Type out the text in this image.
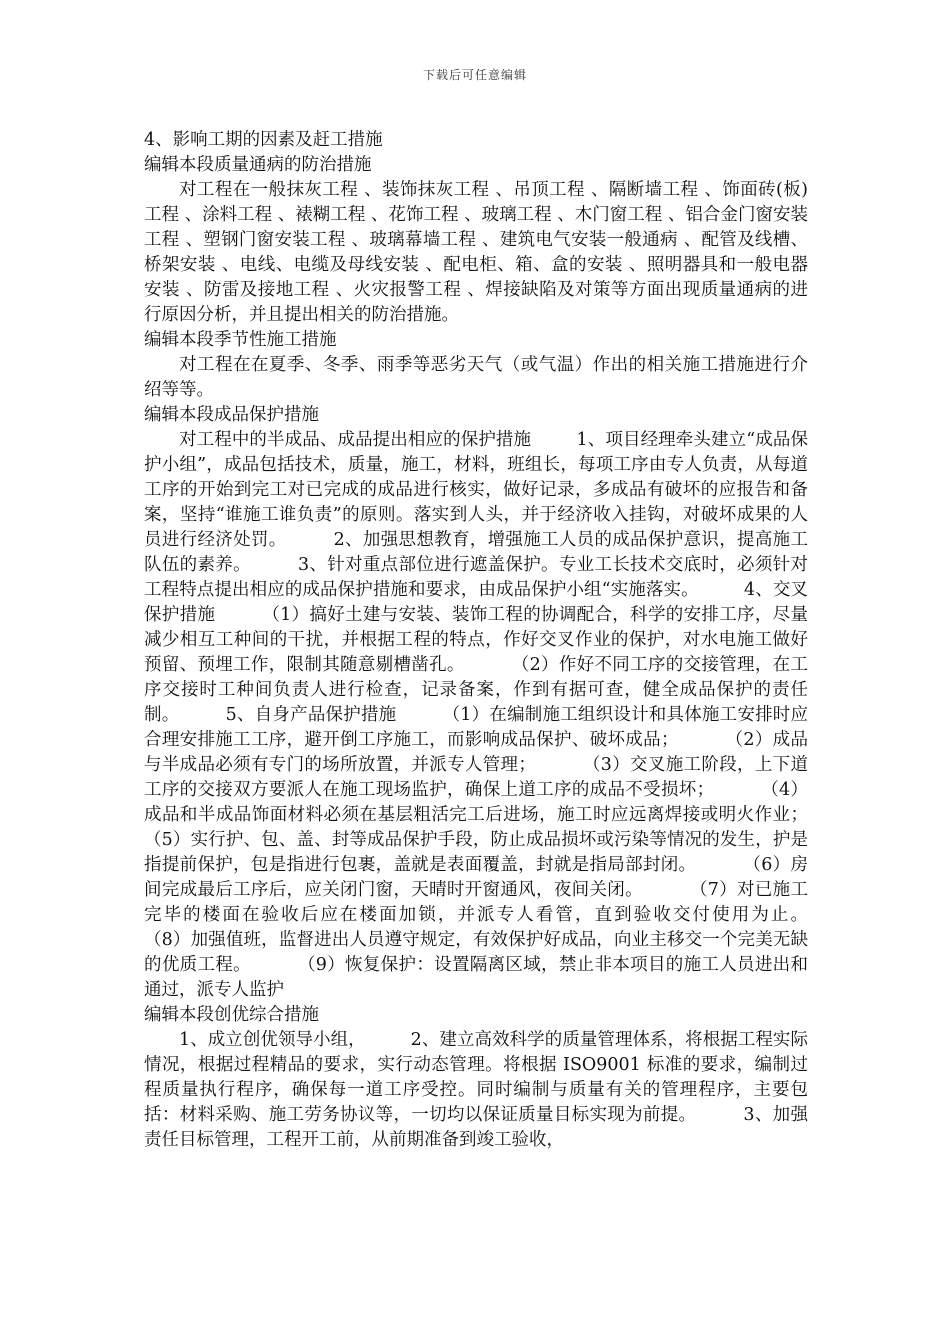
下载后可任意编辑

4、影响工期的因素及赶工措施

编辑本段质量通病的防治措施

对工程在一般抹灰工程 、装饰抹灰工程 、吊顶工程 、隔断墙工程 、饰面砖(板)工程 、涂料工程 、裱糊工程 、花饰工程 、玻璃工程 、木门窗工程 、铝合金门窗安装工程 、塑钢门窗安装工程 、玻璃幕墙工程 、建筑电气安装一般通病 、配管及线槽、桥架安装 、电线、电缆及母线安装 、配电柜、箱、盒的安装 、照明器具和一般电器安装 、防雷及接地工程 、火灾报警工程 、焊接缺陷及对策等方面出现质量通病的进行原因分析，并且提出相关的防治措施。

编辑本段季节性施工措施

对工程在在夏季、冬季、雨季等恶劣天气（或气温）作出的相关施工措施进行介绍等等。

编辑本段成品保护措施

对工程中的半成品、成品提出相应的保护措施        1、项目经理牵头建立“成品保护小组”，成品包括技术，质量，施工，材料，班组长，每项工序由专人负责，从每道工序的开始到完工对已完成的成品进行核实，做好记录，多成品有破坏的应报告和备案，坚持“谁施工谁负责”的原则。落实到人头，并于经济收入挂钩，对破坏成果的人员进行经济处罚。        2、加强思想教育，增强施工人员的成品保护意识，提高施工队伍的素养。        3、针对重点部位进行遮盖保护。专业工长技术交底时，必须针对工程特点提出相应的成品保护措施和要求，由成品保护小组“实施落实。        4、交叉保护措施        （1）搞好土建与安装、装饰工程的协调配合，科学的安排工序，尽量减少相互工种间的干扰，并根据工程的特点，作好交叉作业的保护，对水电施工做好预留、预埋工作，限制其随意剔槽凿孔。        （2）作好不同工序的交接管理，在工序交接时工种间负责人进行检查，记录备案，作到有据可查，健全成品保护的责任制。        5、自身产品保护措施        （1）在编制施工组织设计和具体施工安排时应合理安排施工工序，避开倒工序施工，而影响成品保护、破坏成品；        （2）成品与半成品必须有专门的场所放置，并派专人管理；        （3）交叉施工阶段，上下道工序的交接双方要派人在施工现场监护，确保上道工序的成品不受损坏；        （4）成品和半成品饰面材料必须在基层粗活完工后进场，施工时应远离焊接或明火作业；        （5）实行护、包、盖、封等成品保护手段，防止成品损坏或污染等情况的发生，护是指提前保护，包是指进行包裹，盖就是表面覆盖，封就是指局部封闭。        （6）房间完成最后工序后，应关闭门窗，天晴时开窗通风，夜间关闭。        （7）对已施工完毕的楼面在验收后应在楼面加锁，并派专人看管，直到验收交付使用为止。        （8）加强值班，监督进出人员遵守规定，有效保护好成品，向业主移交一个完美无缺的优质工程。        （9）恢复保护：设置隔离区域，禁止非本项目的施工人员进出和通过，派专人监护

编辑本段创优综合措施

1、成立创优领导小组，        2、建立高效科学的质量管理体系，将根据工程实际情况，根据过程精品的要求，实行动态管理。将根据 ISO9001 标准的要求，编制过程质量执行程序，确保每一道工序受控。同时编制与质量有关的管理程序，主要包括：材料采购、施工劳务协议等，一切均以保证质量目标实现为前提。        3、加强责任目标管理，工程开工前，从前期准备到竣工验收，
